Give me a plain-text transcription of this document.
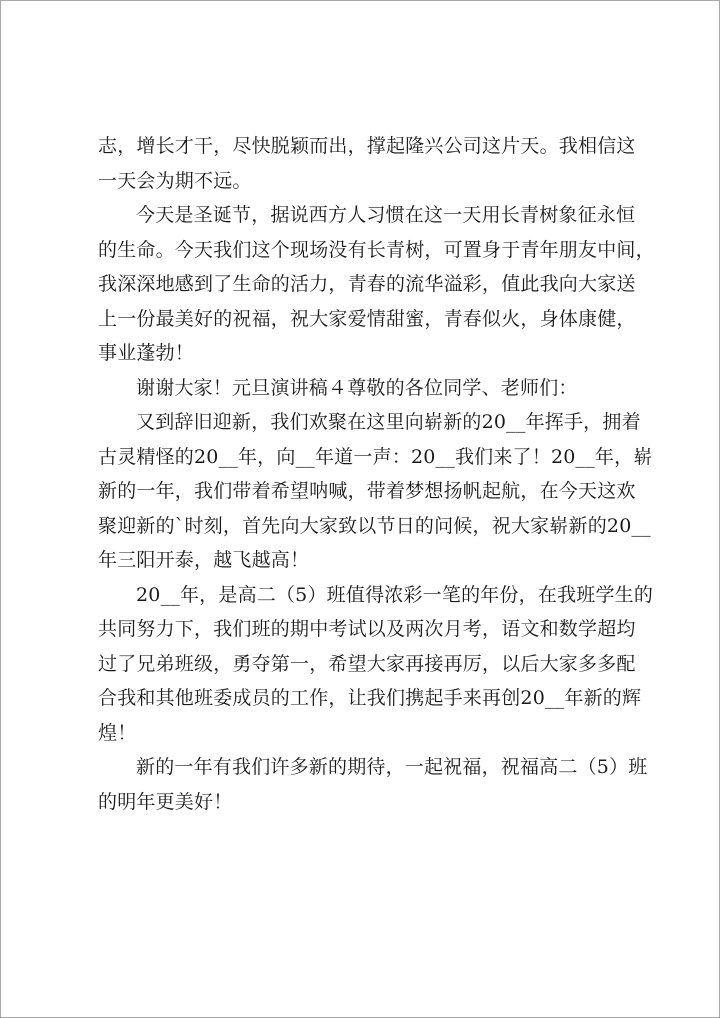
志，增长才干，尽快脱颖而出，撑起隆兴公司这片天。我相信这
一天会为期不远。
今天是圣诞节，据说西方人习惯在这一天用长青树象征永恒
的生命。今天我们这个现场没有长青树，可置身于青年朋友中间，
我深深地感到了生命的活力，青春的流华溢彩，值此我向大家送
上一份最美好的祝福，祝大家爱情甜蜜，青春似火，身体康健，
事业蓬勃！
谢谢大家！元旦演讲稿４尊敬的各位同学、老师们：
又到辞旧迎新，我们欢聚在这里向崭新的20__年挥手，拥着
古灵精怪的20__年，向__年道一声：20__我们来了！20__年，崭
新的一年，我们带着希望呐喊，带着梦想扬帆起航，在今天这欢
聚迎新的`时刻，首先向大家致以节日的问候，祝大家崭新的20__
年三阳开泰，越飞越高！
20__年，是高二（5）班值得浓彩一笔的年份，在我班学生的
共同努力下，我们班的期中考试以及两次月考，语文和数学超均
过了兄弟班级，勇夺第一，希望大家再接再厉，以后大家多多配
合我和其他班委成员的工作，让我们携起手来再创20__年新的辉
煌！
新的一年有我们许多新的期待，一起祝福，祝福高二（5）班
的明年更美好！
